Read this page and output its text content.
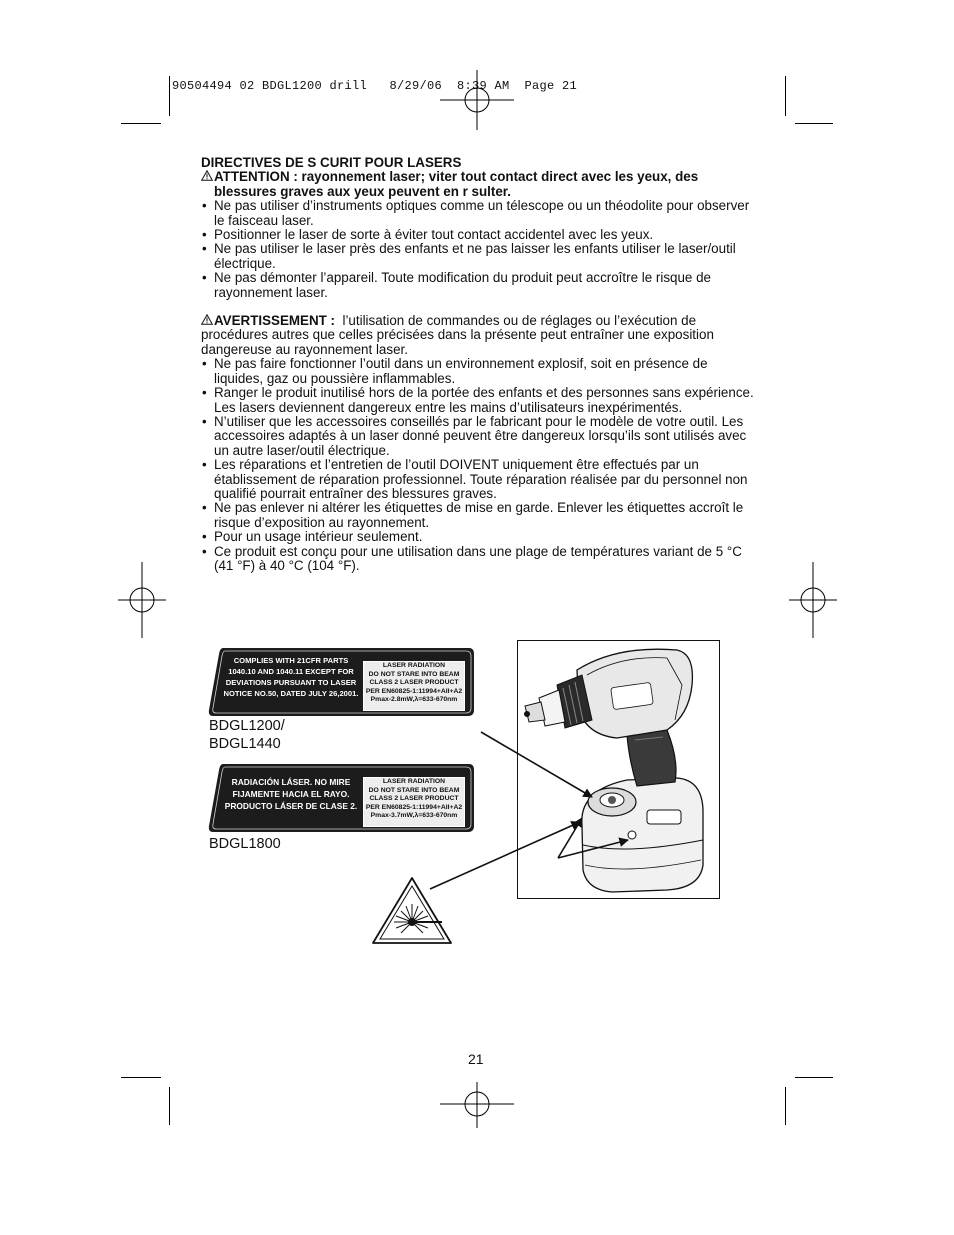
90504494 02 BDGL1200 drill   8/29/06  8:39 AM  Page 21
DIRECTIVES DE S CURIT POUR LASERS
ATTENTION : rayonnement laser; viter tout contact direct avec les yeux, des
blessures graves aux yeux peuvent en r sulter.
• Ne pas utiliser d’instruments optiques comme un télescope ou un théodolite pour observer le faisceau laser.
• Positionner le laser de sorte à éviter tout contact accidentel avec les yeux.
• Ne pas utiliser le laser près des enfants et ne pas laisser les enfants utiliser le laser/outil électrique.
• Ne pas démonter l’appareil. Toute modification du produit peut accroître le risque de rayonnement laser.
AVERTISSEMENT : l’utilisation de commandes ou de réglages ou l’exécution de procédures autres que celles précisées dans la présente peut entraîner une exposition dangereuse au rayonnement laser.
• Ne pas faire fonctionner l’outil dans un environnement explosif, soit en présence de liquides, gaz ou poussière inflammables.
• Ranger le produit inutilisé hors de la portée des enfants et des personnes sans expérience. Les lasers deviennent dangereux entre les mains d’utilisateurs inexpérimentés.
• N’utiliser que les accessoires conseillés par le fabricant pour le modèle de votre outil. Les accessoires adaptés à un laser donné peuvent être dangereux lorsqu’ils sont utilisés avec un autre laser/outil électrique.
• Les réparations et l’entretien de l’outil DOIVENT uniquement être effectués par un établissement de réparation professionnel. Toute réparation réalisée par du personnel non qualifié pourrait entraîner des blessures graves.
• Ne pas enlever ni altérer les étiquettes de mise en garde. Enlever les étiquettes accroît le risque d’exposition au rayonnement.
• Pour un usage intérieur seulement.
• Ce produit est conçu pour une utilisation dans une plage de températures variant de 5 °C (41 °F) à 40 °C (104 °F).
COMPLIES WITH 21CFR PARTS
1040.10 AND 1040.11 EXCEPT FOR
DEVIATIONS PURSUANT TO LASER
NOTICE NO.50, DATED JULY 26,2001.
LASER RADIATION
DO NOT STARE INTO BEAM
CLASS 2 LASER PRODUCT
PER EN60825-1:11994+AII+A2
Pmax-2.8mW,λ=633-670nm
BDGL1200/
BDGL1440
RADIACIÓN LÁSER. NO MIRE
FIJAMENTE HACIA EL RAYO.
PRODUCTO LÁSER DE CLASE 2.
LASER RADIATION
DO NOT STARE INTO BEAM
CLASS 2 LASER PRODUCT
PER EN60825-1:11994+AII+A2
Pmax-3.7mW,λ=633-670nm
BDGL1800
21
